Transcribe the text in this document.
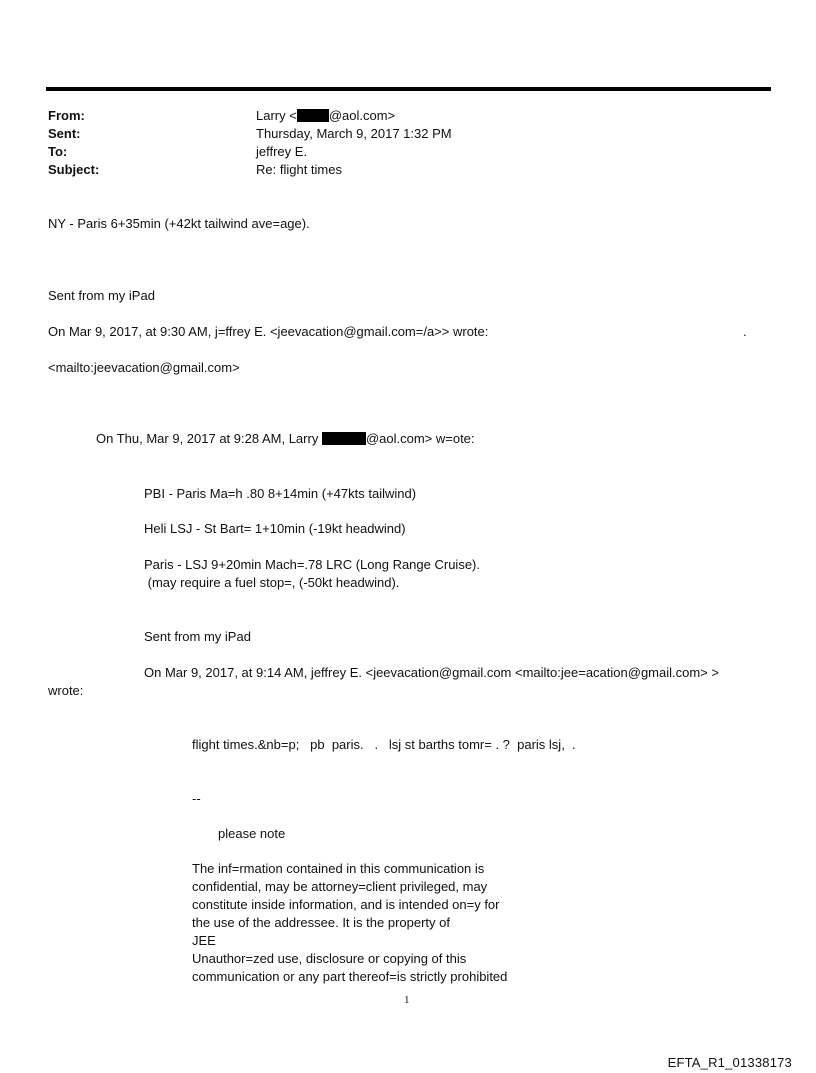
From:
Sent:
To:
Subject:
Larry < @aol.com>
Thursday, March 9, 2017 1:32 PM
jeffrey E.
Re: flight times
NY - Paris 6+35min (+42kt tailwind ave=age).
Sent from my iPad
On Mar 9, 2017, at 9:30 AM, j=ffrey E. <jeevacation@gmail.com=/a>> wrote:	.
<mailto:jeevacation@gmail.com>
On Thu, Mar 9, 2017 at 9:28 AM, Larry	@aol.com> w=ote:
PBI - Paris Ma=h .80 8+14min (+47kts tailwind)
Heli LSJ - St Bart= 1+10min (-19kt headwind)
Paris - LSJ 9+20min Mach=.78 LRC (Long Range Cruise).
(may require a fuel stop=, (-50kt headwind).
Sent from my iPad
On Mar 9, 2017, at 9:14 AM, jeffrey E. <jeevacation@gmail.com <mailto:jee=acation@gmail.com> >
wrote:
flight times.&nb=p;   pb  paris.   .   lsj st barths tomr= . ?  paris lsj,  .
--
please note
The inf=rmation contained in this communication is
confidential, may be attorney=client privileged, may
constitute inside information, and is intended on=y for
the use of the addressee. It is the property of
JEE
Unauthor=zed use, disclosure or copying of this
communication or any part thereof=is strictly prohibited
1
EFTA_R1_01338173
